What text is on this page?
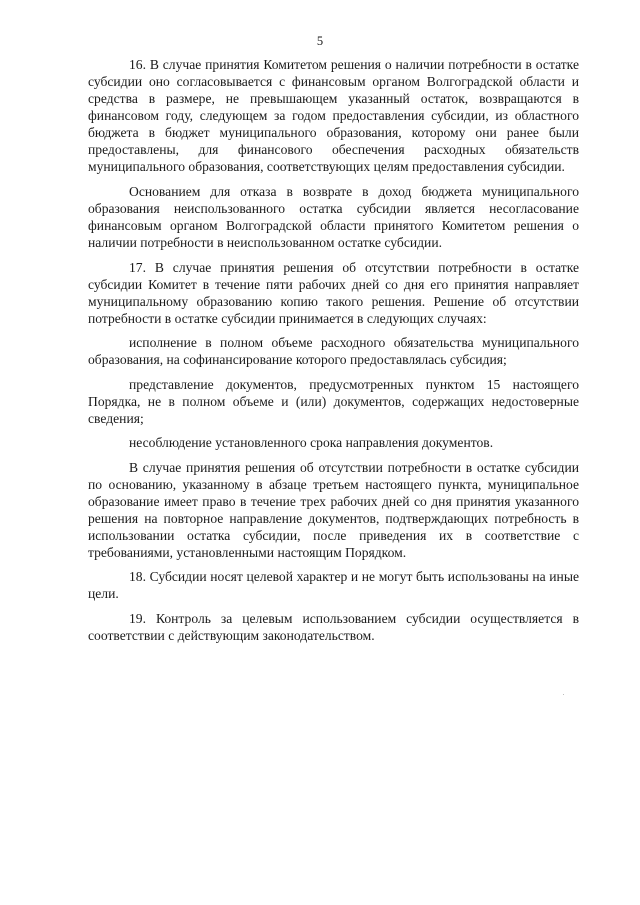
5

16. В случае принятия Комитетом решения о наличии потребности в остатке субсидии оно согласовывается с финансовым органом Волгоградской области и средства в размере, не превышающем указанный остаток, возвращаются в финансовом году, следующем за годом предоставления субсидии, из областного бюджета в бюджет муниципального образования, которому они ранее были предоставлены, для финансового обеспечения расходных обязательств муниципального образования, соответствующих целям предоставления субсидии.

Основанием для отказа в возврате в доход бюджета муниципального образования неиспользованного остатка субсидии является несогласование финансовым органом Волгоградской области принятого Комитетом решения о наличии потребности в неиспользованном остатке субсидии.

17. В случае принятия решения об отсутствии потребности в остатке субсидии Комитет в течение пяти рабочих дней со дня его принятия направляет муниципальному образованию копию такого решения. Решение об отсутствии потребности в остатке субсидии принимается в следующих случаях:

исполнение в полном объеме расходного обязательства муниципального образования, на софинансирование которого предоставлялась субсидия;

представление документов, предусмотренных пунктом 15 настоящего Порядка, не в полном объеме и (или) документов, содержащих недостоверные сведения;

несоблюдение установленного срока направления документов.

В случае принятия решения об отсутствии потребности в остатке субсидии по основанию, указанному в абзаце третьем настоящего пункта, муниципальное образование имеет право в течение трех рабочих дней со дня принятия указанного решения на повторное направление документов, подтверждающих потребность в использовании остатка субсидии, после приведения их в соответствие с требованиями, установленными настоящим Порядком.

18. Субсидии носят целевой характер и не могут быть использованы на иные цели.

19. Контроль за целевым использованием субсидии осуществляется в соответствии с действующим законодательством.
